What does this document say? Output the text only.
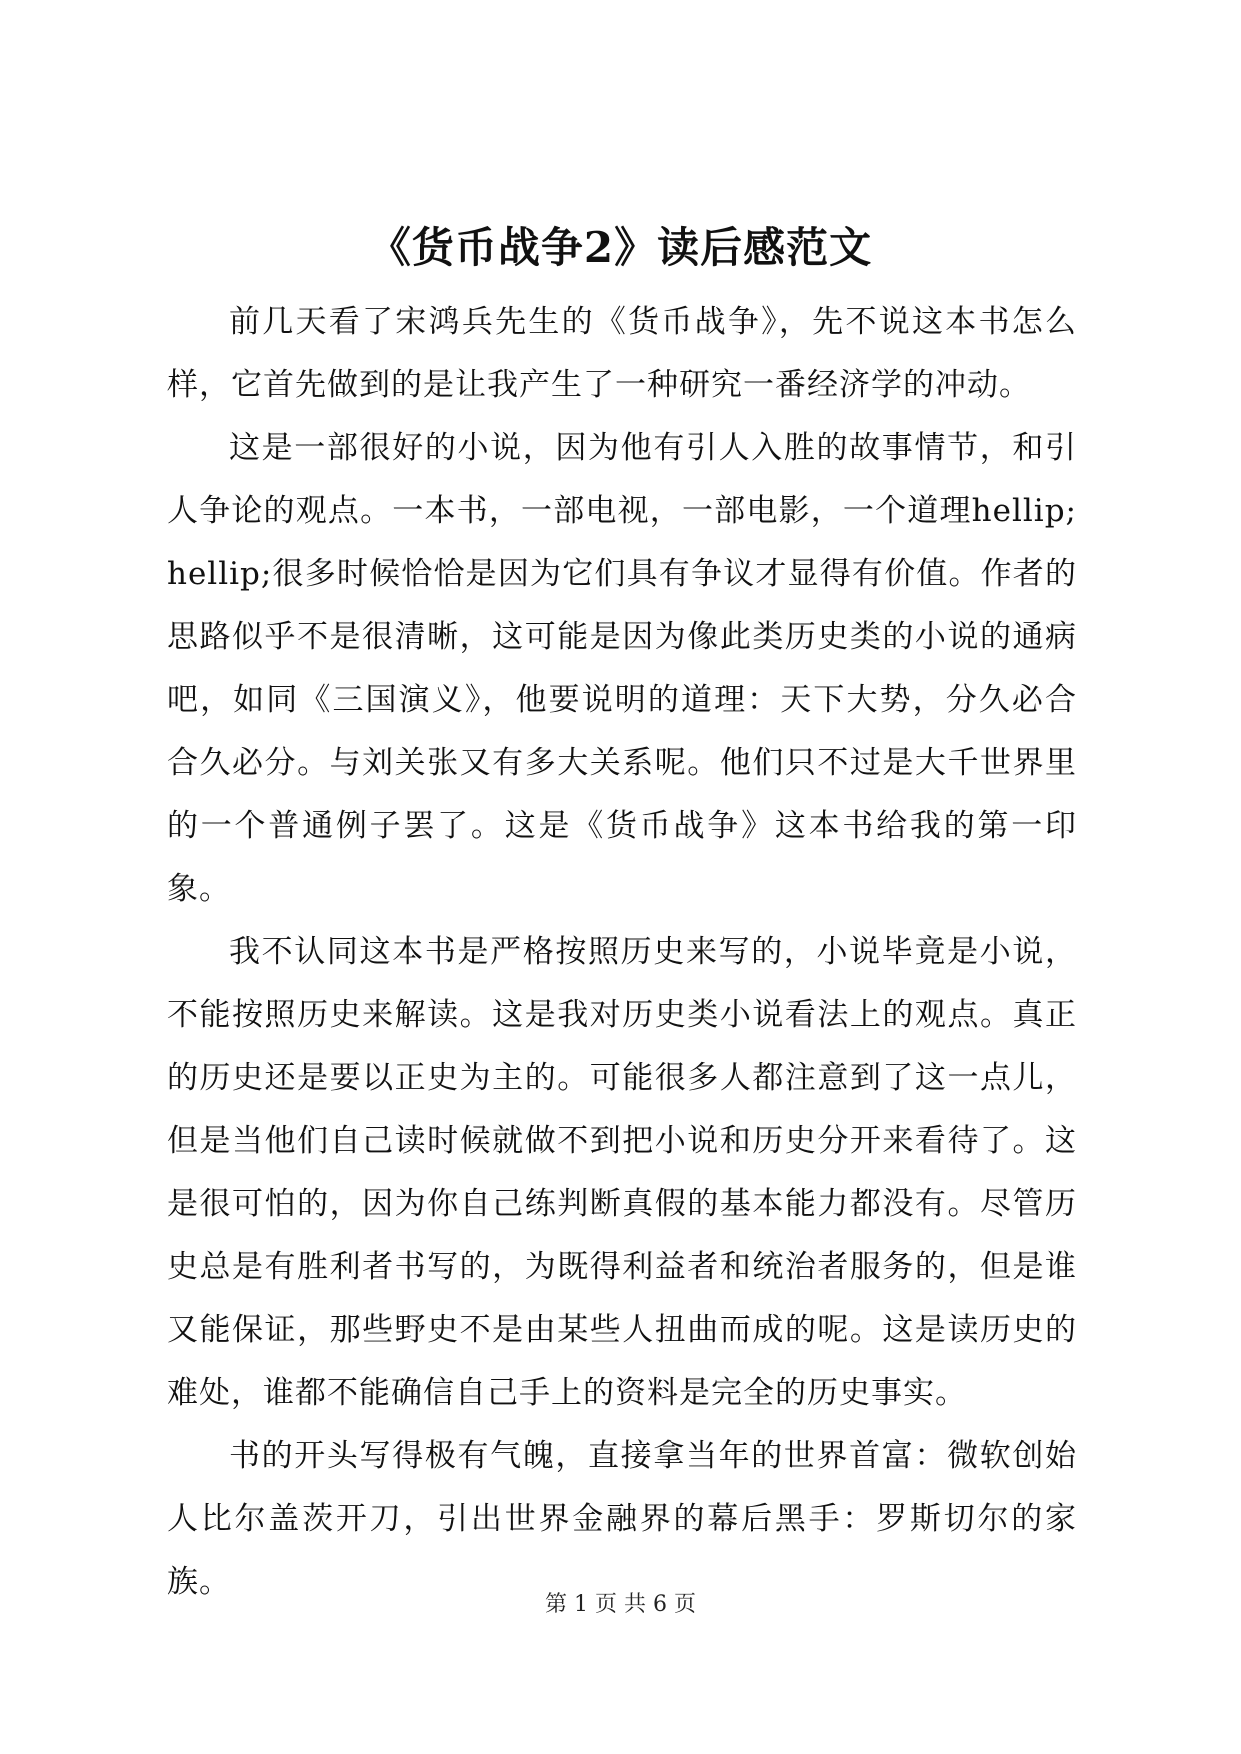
《货币战争2》读后感范文

前几天看了宋鸿兵先生的《货币战争》，先不说这本书怎么样，它首先做到的是让我产生了一种研究一番经济学的冲动。

这是一部很好的小说，因为他有引人入胜的故事情节，和引人争论的观点。一本书，一部电视，一部电影，一个道理hellip;hellip;很多时候恰恰是因为它们具有争议才显得有价值。作者的思路似乎不是很清晰，这可能是因为像此类历史类的小说的通病吧，如同《三国演义》，他要说明的道理：天下大势，分久必合合久必分。与刘关张又有多大关系呢。他们只不过是大千世界里的一个普通例子罢了。这是《货币战争》这本书给我的第一印象。

我不认同这本书是严格按照历史来写的，小说毕竟是小说，不能按照历史来解读。这是我对历史类小说看法上的观点。真正的历史还是要以正史为主的。可能很多人都注意到了这一点儿，但是当他们自己读时候就做不到把小说和历史分开来看待了。这是很可怕的，因为你自己练判断真假的基本能力都没有。尽管历史总是有胜利者书写的，为既得利益者和统治者服务的，但是谁又能保证，那些野史不是由某些人扭曲而成的呢。这是读历史的难处，谁都不能确信自己手上的资料是完全的历史事实。

书的开头写得极有气魄，直接拿当年的世界首富：微软创始人比尔盖茨开刀，引出世界金融界的幕后黑手：罗斯切尔的家族。

第 1 页 共 6 页
